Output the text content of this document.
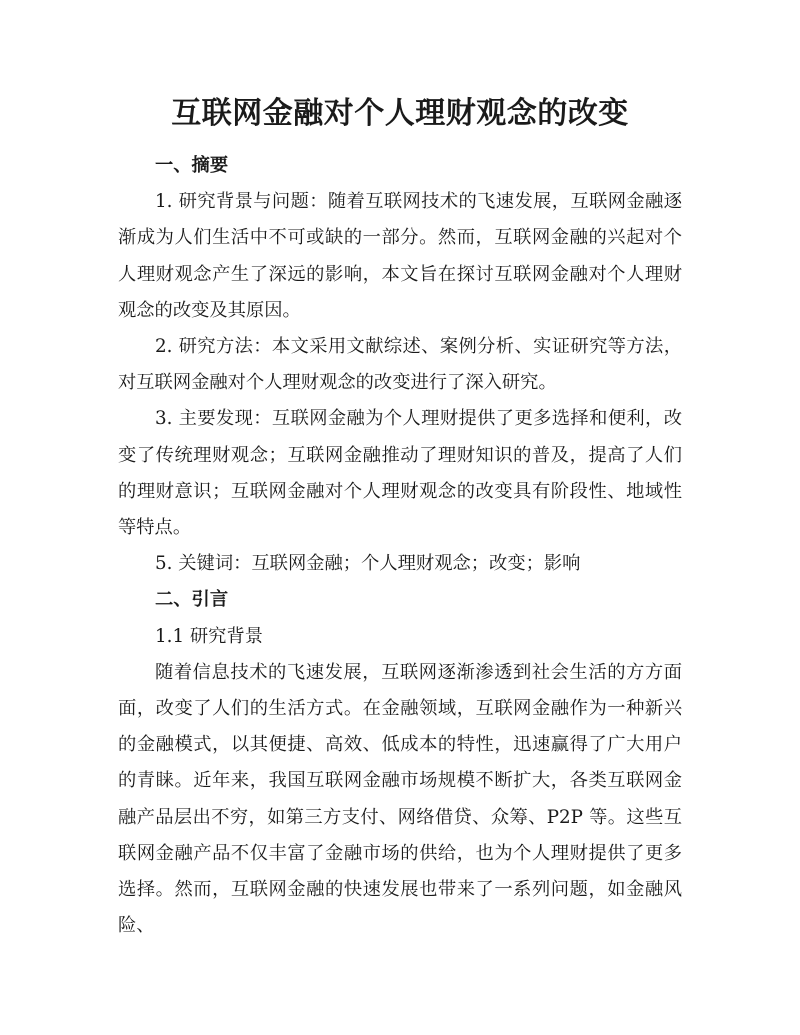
互联网金融对个人理财观念的改变

一、摘要

1. 研究背景与问题：随着互联网技术的飞速发展，互联网金融逐渐成为人们生活中不可或缺的一部分。然而，互联网金融的兴起对个人理财观念产生了深远的影响，本文旨在探讨互联网金融对个人理财观念的改变及其原因。

2. 研究方法：本文采用文献综述、案例分析、实证研究等方法，对互联网金融对个人理财观念的改变进行了深入研究。

3. 主要发现：互联网金融为个人理财提供了更多选择和便利，改变了传统理财观念；互联网金融推动了理财知识的普及，提高了人们的理财意识；互联网金融对个人理财观念的改变具有阶段性、地域性等特点。

5. 关键词：互联网金融；个人理财观念；改变；影响

二、引言

1.1 研究背景

随着信息技术的飞速发展，互联网逐渐渗透到社会生活的方方面面，改变了人们的生活方式。在金融领域，互联网金融作为一种新兴的金融模式，以其便捷、高效、低成本的特性，迅速赢得了广大用户的青睐。近年来，我国互联网金融市场规模不断扩大，各类互联网金融产品层出不穷，如第三方支付、网络借贷、众筹、P2P 等。这些互联网金融产品不仅丰富了金融市场的供给，也为个人理财提供了更多选择。然而，互联网金融的快速发展也带来了一系列问题，如金融风险、
